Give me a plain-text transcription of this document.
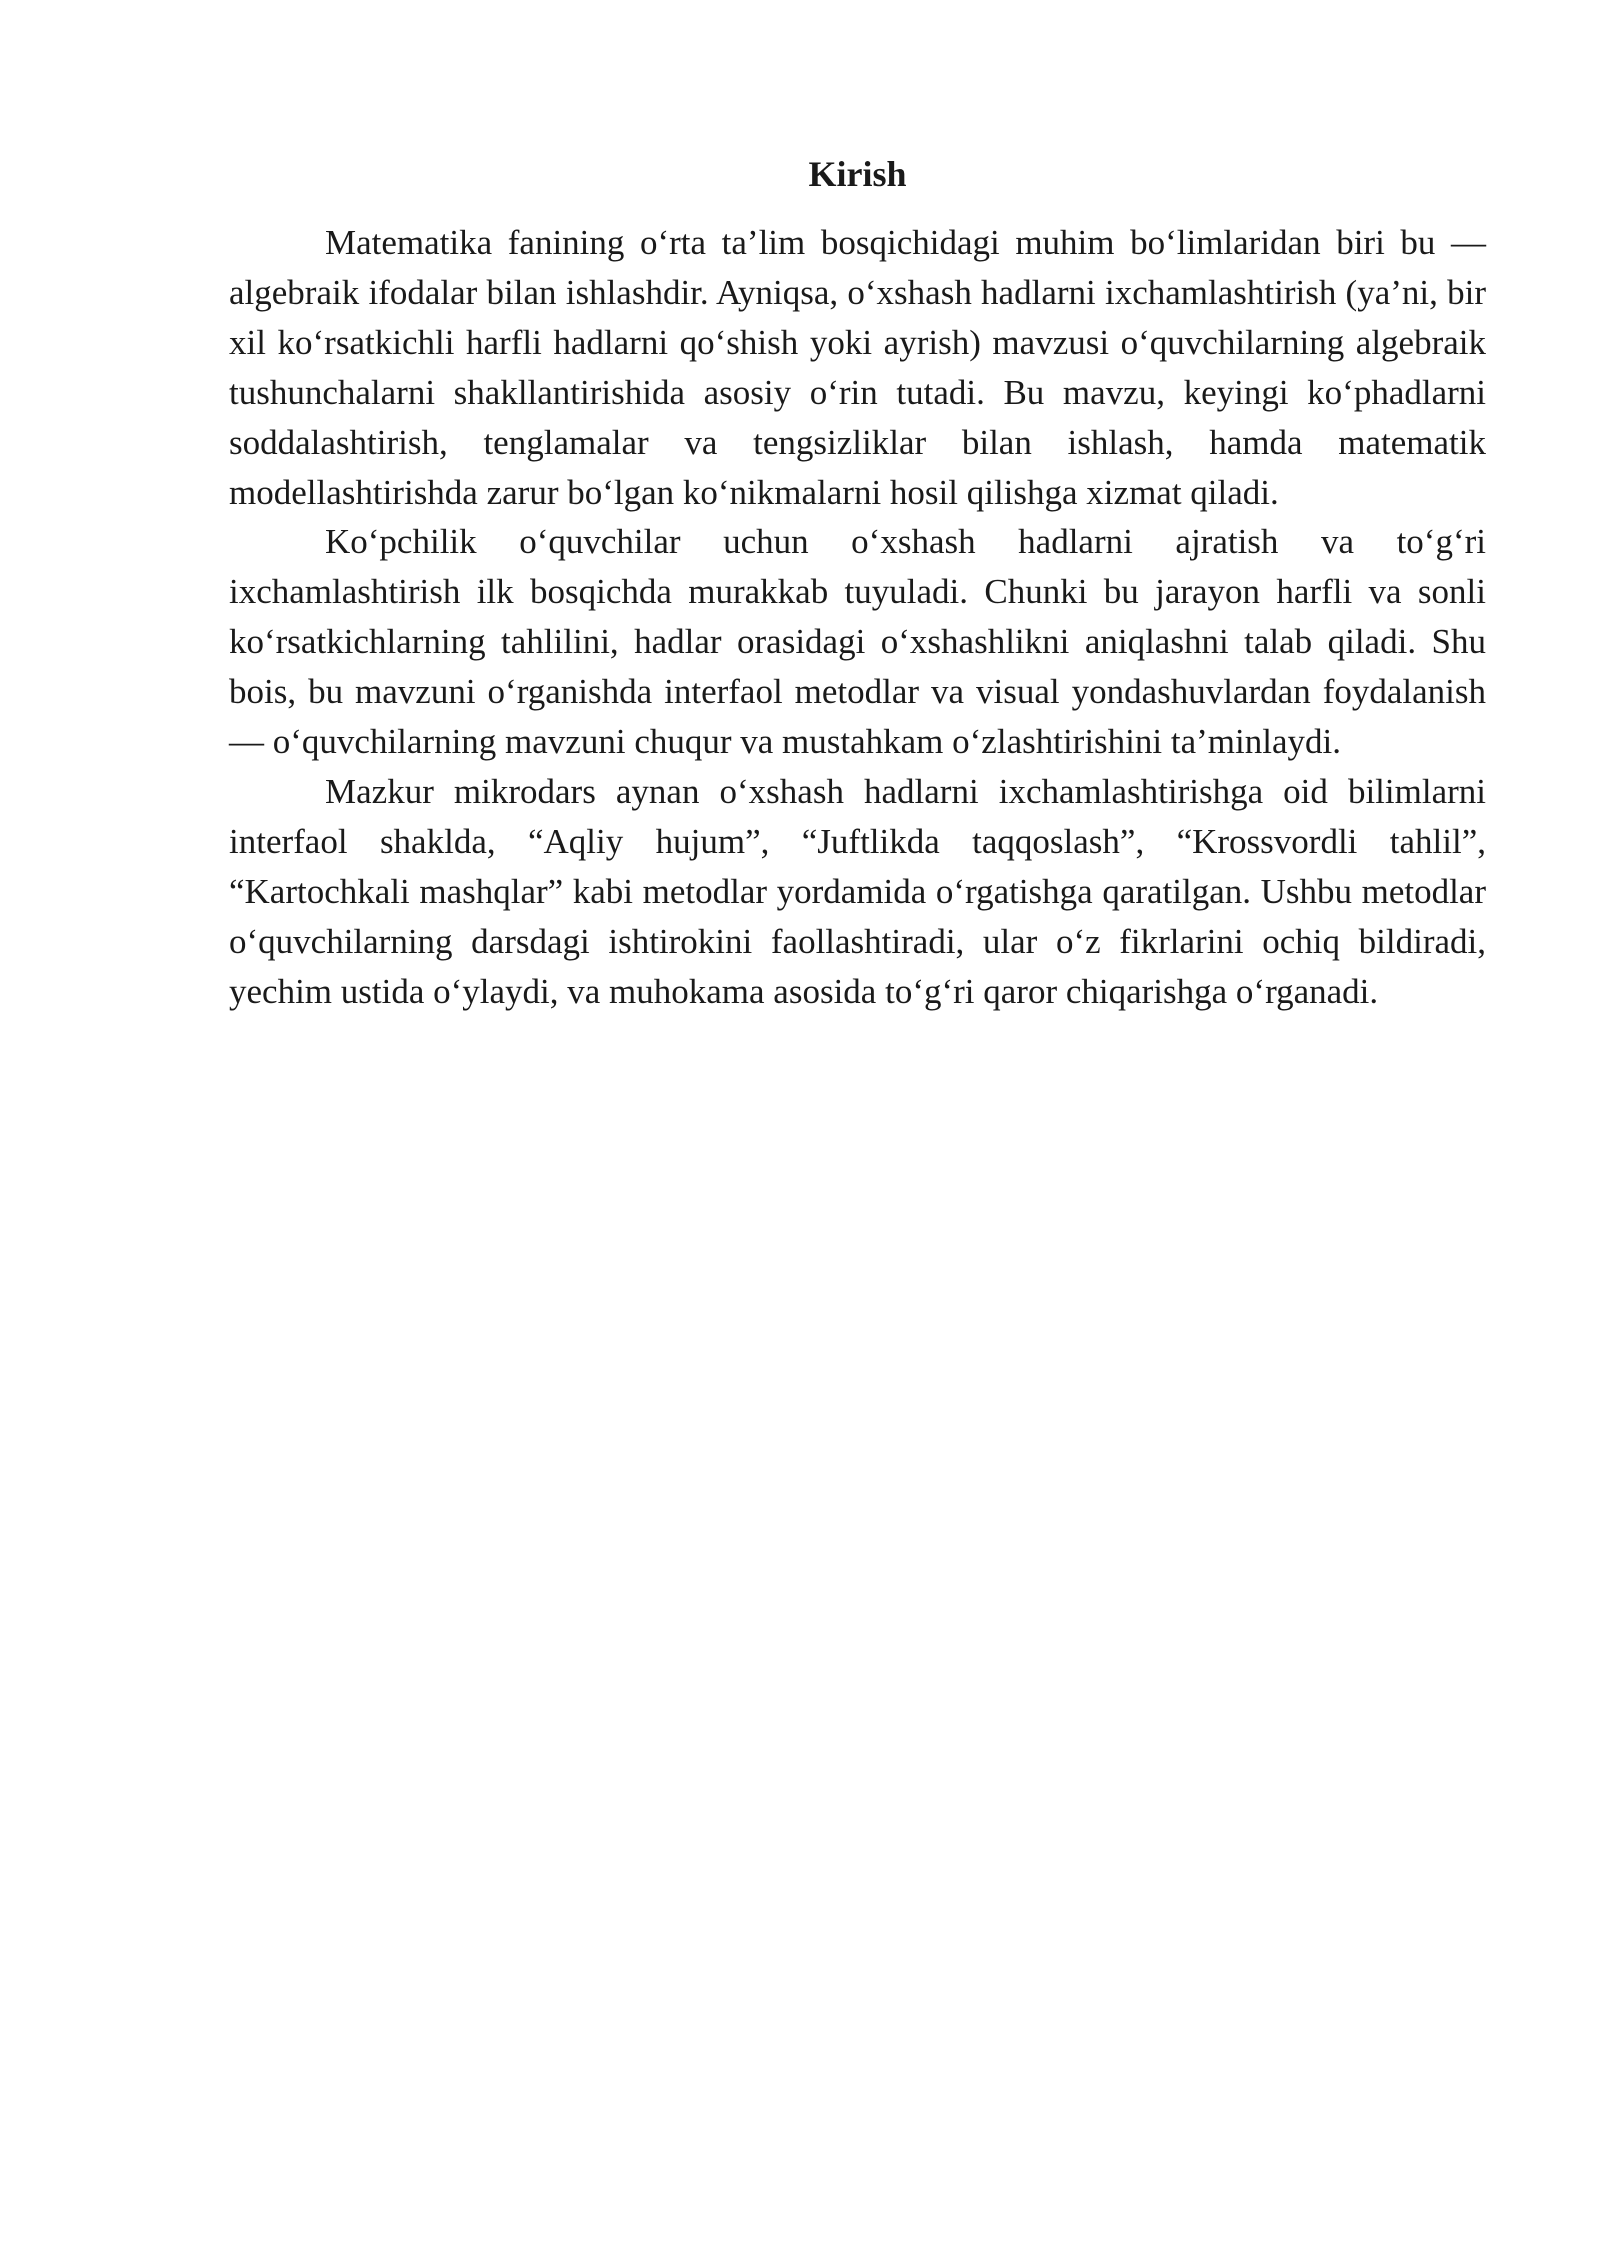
Kirish

Matematika fanining o‘rta ta’lim bosqichidagi muhim bo‘limlaridan biri bu — algebraik ifodalar bilan ishlashdir. Ayniqsa, o‘xshash hadlarni ixchamlashtirish (ya’ni, bir xil ko‘rsatkichli harfli hadlarni qo‘shish yoki ayrish) mavzusi o‘quvchilarning algebraik tushunchalarni shakllantirishida asosiy o‘rin tutadi. Bu mavzu, keyingi ko‘phadlarni soddalashtirish, tenglamalar va tengsizliklar bilan ishlash, hamda matematik modellashtirishda zarur bo‘lgan ko‘nikmalarni hosil qilishga xizmat qiladi.

Ko‘pchilik o‘quvchilar uchun o‘xshash hadlarni ajratish va to‘g‘ri ixchamlashtirish ilk bosqichda murakkab tuyuladi. Chunki bu jarayon harfli va sonli ko‘rsatkichlarning tahlilini, hadlar orasidagi o‘xshashlikni aniqlashni talab qiladi. Shu bois, bu mavzuni o‘rganishda interfaol metodlar va visual yondashuvlardan foydalanish — o‘quvchilarning mavzuni chuqur va mustahkam o‘zlashtirishini ta’minlaydi.

Mazkur mikrodars aynan o‘xshash hadlarni ixchamlashtirishga oid bilimlarni interfaol shaklda, “Aqliy hujum”, “Juftlikda taqqoslash”, “Krossvordli tahlil”, “Kartochkali mashqlar” kabi metodlar yordamida o‘rgatishga qaratilgan. Ushbu metodlar o‘quvchilarning darsdagi ishtirokini faollashtiradi, ular o‘z fikrlarini ochiq bildiradi, yechim ustida o‘ylaydi, va muhokama asosida to‘g‘ri qaror chiqarishga o‘rganadi.
